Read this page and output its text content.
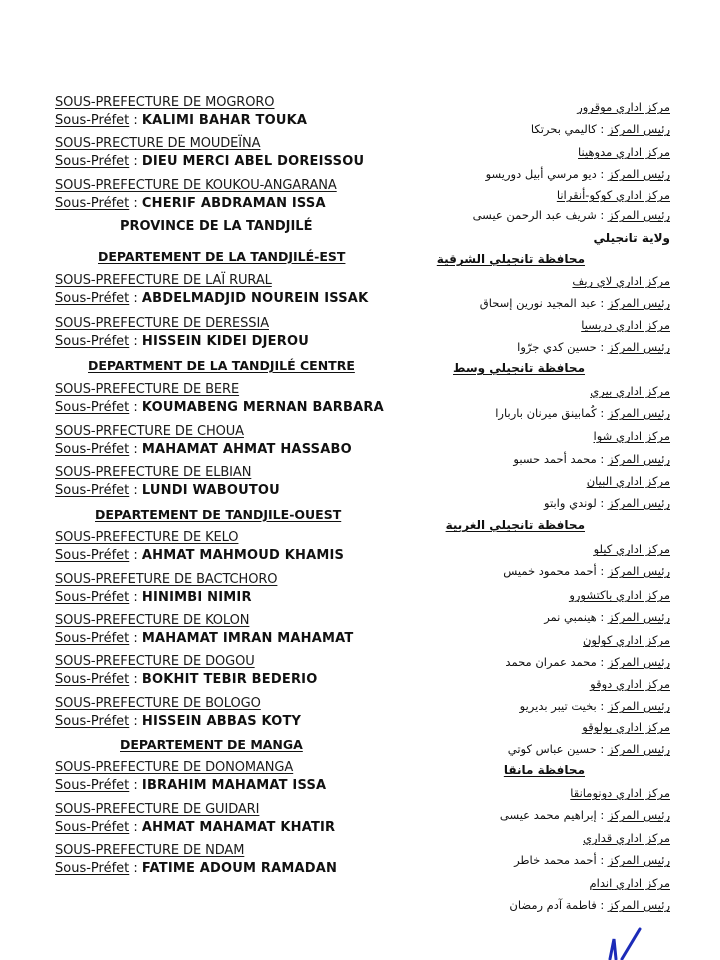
SOUS-PREFECTURE DE MOGRORO
Sous-Préfet : KALIMI BAHAR TOUKA
SOUS-PRECTURE DE MOUDEÏNA
Sous-Préfet : DIEU MERCI ABEL DOREISSOU
SOUS-PREFECTURE DE KOUKOU-ANGARANA
Sous-Préfet : CHERIF ABDRAMAN ISSA
PROVINCE DE LA TANDJILÉ
DEPARTEMENT DE LA TANDJILÉ-EST
SOUS-PREFECTURE DE LAÏ RURAL
Sous-Préfet : ABDELMADJID NOUREIN ISSAK
SOUS-PREFECTURE DE DERESSIA
Sous-Préfet : HISSEIN KIDEI DJEROU
DEPARTMENT DE LA TANDJILÉ CENTRE
SOUS-PREFECTURE DE BERE
Sous-Préfet : KOUMABENG MERNAN BARBARA
SOUS-PRFECTURE DE CHOUA
Sous-Préfet : MAHAMAT AHMAT HASSABO
SOUS-PREFECTURE DE ELBIAN
Sous-Préfet : LUNDI WABOUTOU
DEPARTEMENT DE TANDJILE-OUEST
SOUS-PREFECTURE DE KELO
Sous-Préfet : AHMAT MAHMOUD KHAMIS
SOUS-PREFETURE DE BACTCHORO
Sous-Préfet : HINIMBI NIMIR
SOUS-PREFECTURE DE KOLON
Sous-Préfet : MAHAMAT IMRAN MAHAMAT
SOUS-PREFECTURE DE DOGOU
Sous-Préfet : BOKHIT TEBIR BEDERIO
SOUS-PREFECTURE DE BOLOGO
Sous-Préfet : HISSEIN ABBAS KOTY
DEPARTEMENT DE MANGA
SOUS-PREFECTURE DE DONOMANGA
Sous-Préfet : IBRAHIM MAHAMAT ISSA
SOUS-PREFECTURE DE GUIDARI
Sous-Préfet : AHMAT MAHAMAT KHATIR
SOUS-PREFECTURE DE NDAM
Sous-Préfet : FATIME ADOUM RAMADAN
مركز اداري موقرور
رئيس المركز : كاليمي بحرتكا
مركز اداري مدوهينا
رئيس المركز : ديو مرسي أبيل دوريسو
مركز اداري كوكو-أنقرانا
رئيس المركز : شريف عبد الرحمن عيسى
ولاية تانجيلي
محافظة تانجيلي الشرقية
مركز اداري لاي ريف
رئيس المركز : عبد المجيد نورين إسحاق
مركز اداري دريسيا
رئيس المركز : حسين كدي جرّوا
محافظة تانجيلي وسط
مركز اداري بيري
رئيس المركز : كُمابينق ميرنان باربارا
مركز اداري شوا
رئيس المركز : محمد أحمد حسبو
مركز اداري البيان
رئيس المركز : لوندي وابتو
محافظة تانجيلي الغربية
مركز اداري كيلو
رئيس المركز : أحمد محمود خميس
مركز اداري باكتشورو
رئيس المركز : هينمبي نمر
مركز اداري كولون
رئيس المركز : محمد عمران محمد
مركز اداري دوقو
رئيس المركز : بخيت تيبر بديريو
مركز اداري بولوقو
رئيس المركز : حسين عباس كوتي
محافظة مانقا
مركز اداري دونومانقا
رئيس المركز : إبراهيم محمد عيسى
مركز اداري قداري
رئيس المركز : أحمد محمد خاطر
مركز اداري اندام
رئيس المركز : فاطمة آدم رمضان
